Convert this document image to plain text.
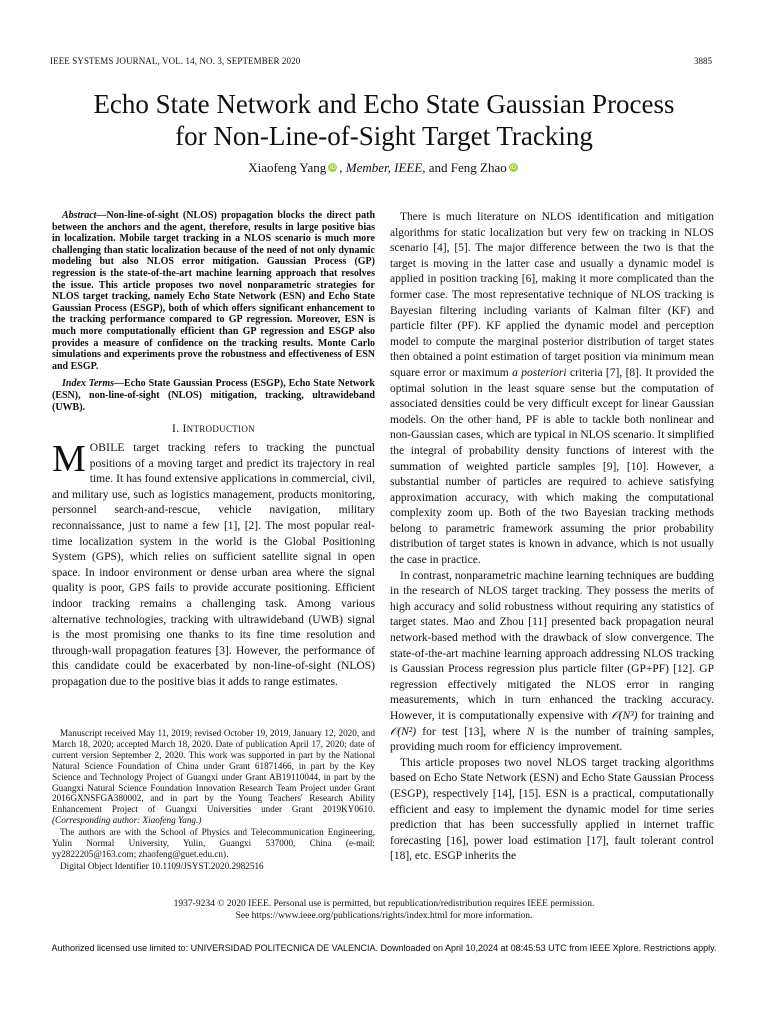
IEEE SYSTEMS JOURNAL, VOL. 14, NO. 3, SEPTEMBER 2020	3885
Echo State Network and Echo State Gaussian Process
for Non-Line-of-Sight Target Tracking
Xiaofeng Yang iD , Member, IEEE, and Feng Zhao iD

Abstract—Non-line-of-sight (NLOS) propagation blocks the direct path between the anchors and the agent, therefore, results in large positive bias in localization. Mobile target tracking in a NLOS scenario is much more challenging than static localization because of the need of not only dynamic modeling but also NLOS error mitigation. Gaussian Process (GP) regression is the state-of-the-art machine learning approach that resolves the issue. This article proposes two novel nonparametric strategies for NLOS target tracking, namely Echo State Network (ESN) and Echo State Gaussian Process (ESGP), both of which offers significant enhancement to the tracking performance compared to GP regression. Moreover, ESN is much more computationally efficient than GP regression and ESGP also provides a measure of confidence on the tracking results. Monte Carlo simulations and experiments prove the robustness and effectiveness of ESN and ESGP.

Index Terms—Echo State Gaussian Process (ESGP), Echo State Network (ESN), non-line-of-sight (NLOS) mitigation, tracking, ultrawideband (UWB).

I. INTRODUCTION

MOBILE target tracking refers to tracking the punctual positions of a moving target and predict its trajectory in real time. It has found extensive applications in commercial, civil, and military use, such as logistics management, products monitoring, personnel search-and-rescue, vehicle navigation, military reconnaissance, just to name a few [1], [2]. The most popular real-time localization system in the world is the Global Positioning System (GPS), which relies on sufficient satellite signal in open space. In indoor environment or dense urban area where the signal quality is poor, GPS fails to provide accurate positioning. Efficient indoor tracking remains a challenging task. Among various alternative technologies, tracking with ultrawideband (UWB) signal is the most promising one thanks to its fine time resolution and through-wall propagation features [3]. However, the performance of this candidate could be exacerbated by non-line-of-sight (NLOS) propagation due to the positive bias it adds to range estimates.

Manuscript received May 11, 2019; revised October 19, 2019, January 12, 2020, and March 18, 2020; accepted March 18, 2020. Date of publication April 17, 2020; date of current version September 2, 2020. This work was supported in part by the National Natural Science Foundation of China under Grant 61871466, in part by the Key Science and Technology Project of Guangxi under Grant AB19110044, in part by the Guangxi Natural Science Foundation Innovation Research Team Project under Grant 2016GXNSFGA380002, and in part by the Young Teachers' Research Ability Enhancement Project of Guangxi Universities under Grant 2019KY0610. (Corresponding author: Xiaofeng Yang.)

The authors are with the School of Physics and Telecommunication Engineering, Yulin Normal University, Yulin, Guangxi 537000, China (e-mail: yy2822205@163.com; zhaofeng@guet.edu.cn).

Digital Object Identifier 10.1109/JSYST.2020.2982516

There is much literature on NLOS identification and mitigation algorithms for static localization but very few on tracking in NLOS scenario [4], [5]. The major difference between the two is that the target is moving in the latter case and usually a dynamic model is applied in position tracking [6], making it more complicated than the former case. The most representative technique of NLOS tracking is Bayesian filtering including variants of Kalman filter (KF) and particle filter (PF). KF applied the dynamic model and perception model to compute the marginal posterior distribution of target states then obtained a point estimation of target position via minimum mean square error or maximum a posteriori criteria [7], [8]. It provided the optimal solution in the least square sense but the computation of associated densities could be very difficult except for linear Gaussian models. On the other hand, PF is able to tackle both nonlinear and non-Gaussian cases, which are typical in NLOS scenario. It simplified the integral of probability density functions of interest with the summation of weighted particle samples [9], [10]. However, a substantial number of particles are required to achieve satisfying approximation accuracy, with which making the computational complexity zoom up. Both of the two Bayesian tracking methods belong to parametric framework assuming the prior probability distribution of target states is known in advance, which is not usually the case in practice.

In contrast, nonparametric machine learning techniques are budding in the research of NLOS target tracking. They possess the merits of high accuracy and solid robustness without requiring any statistics of target states. Mao and Zhou [11] presented back propagation neural network-based method with the drawback of slow convergence. The state-of-the-art machine learning approach addressing NLOS tracking is Gaussian Process regression plus particle filter (GP+PF) [12]. GP regression effectively mitigated the NLOS error in ranging measurements, which in turn enhanced the tracking accuracy. However, it is computationally expensive with 𝒪(N³) for training and 𝒪(N²) for test [13], where N is the number of training samples, providing much room for efficiency improvement.

This article proposes two novel NLOS target tracking algorithms based on Echo State Network (ESN) and Echo State Gaussian Process (ESGP), respectively [14], [15]. ESN is a practical, computationally efficient and easy to implement the dynamic model for time series prediction that has been successfully applied in internet traffic forecasting [16], power load estimation [17], fault tolerant control [18], etc. ESGP inherits the

1937-9234 © 2020 IEEE. Personal use is permitted, but republication/redistribution requires IEEE permission.
See https://www.ieee.org/publications/rights/index.html for more information.
Authorized licensed use limited to: UNIVERSIDAD POLITECNICA DE VALENCIA. Downloaded on April 10,2024 at 08:45:53 UTC from IEEE Xplore. Restrictions apply.
